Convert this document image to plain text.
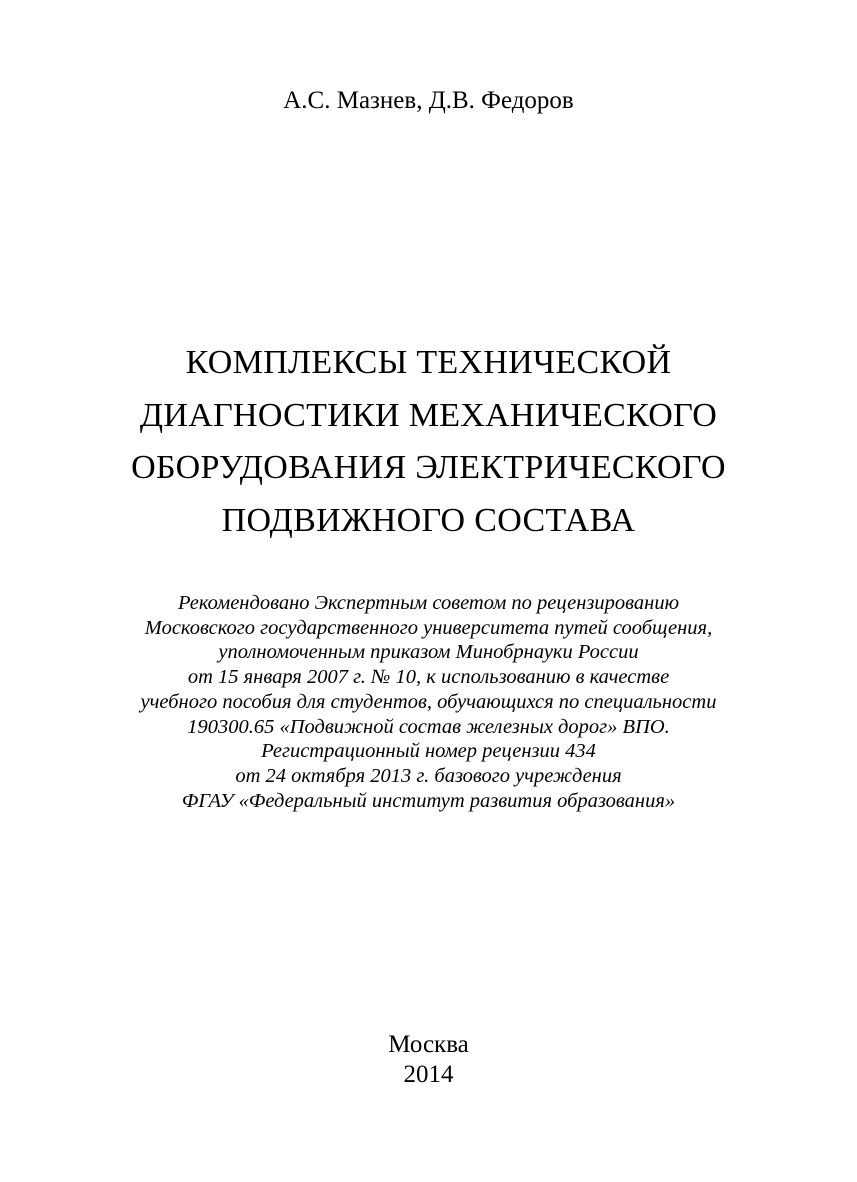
А.С. Мазнев, Д.В. Федоров
КОМПЛЕКСЫ ТЕХНИЧЕСКОЙ
ДИАГНОСТИКИ МЕХАНИЧЕСКОГО
ОБОРУДОВАНИЯ ЭЛЕКТРИЧЕСКОГО
ПОДВИЖНОГО СОСТАВА
Рекомендовано Экспертным советом по рецензированию
Московского государственного университета путей сообщения,
уполномоченным приказом Минобрнауки России
от 15 января 2007 г. № 10, к использованию в качестве
учебного пособия для студентов, обучающихся по специальности
190300.65 «Подвижной состав железных дорог» ВПО.
Регистрационный номер рецензии 434
от 24 октября 2013 г. базового учреждения
ФГАУ «Федеральный институт развития образования»
Москва
2014
